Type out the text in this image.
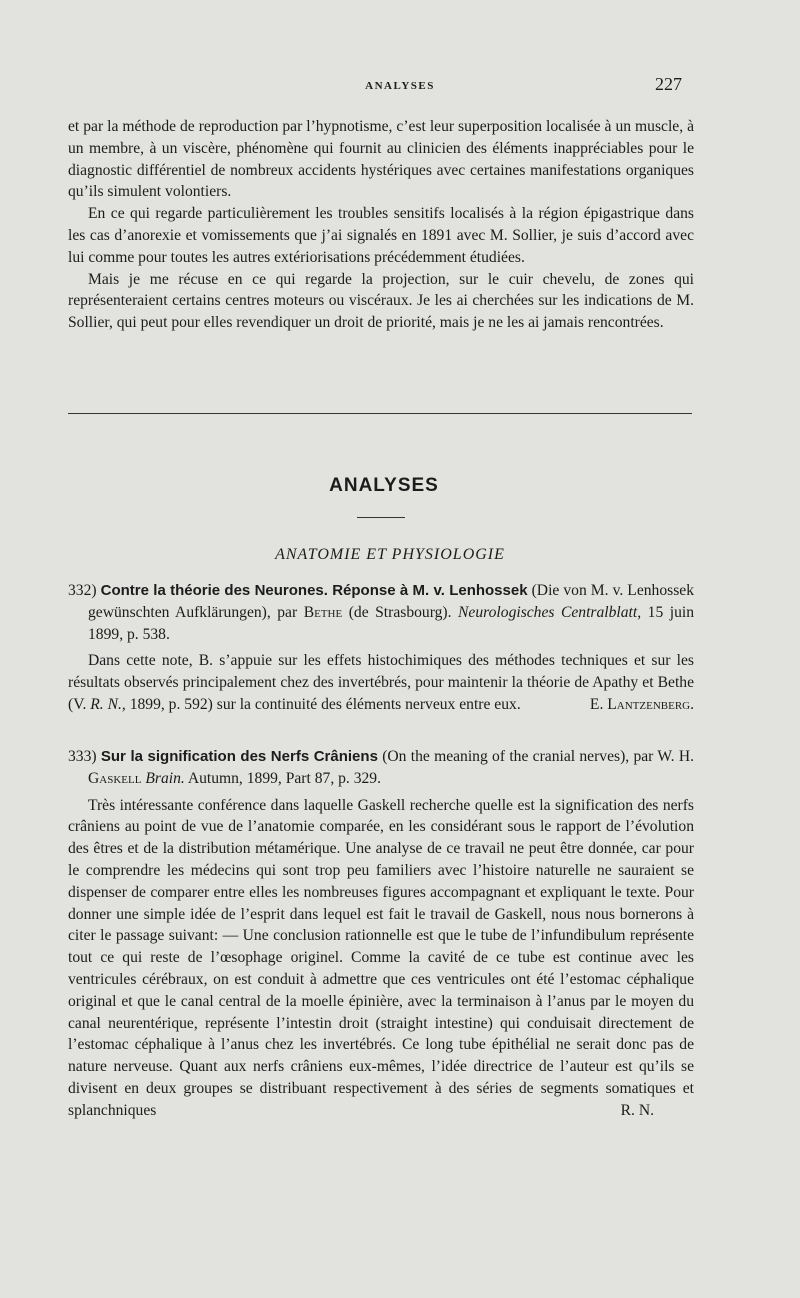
ANALYSES	227

et par la méthode de reproduction par l’hypnotisme, c’est leur superposition localisée à un muscle, à un membre, à un viscère, phénomène qui fournit au clinicien des éléments inappréciables pour le diagnostic différentiel de nombreux accidents hystériques avec certaines manifestations organiques qu’ils simulent volontiers.

En ce qui regarde particulièrement les troubles sensitifs localisés à la région épigastrique dans les cas d’anorexie et vomissements que j’ai signalés en 1891 avec M. Sollier, je suis d’accord avec lui comme pour toutes les autres extériorisations précédemment étudiées.

Mais je me récuse en ce qui regarde la projection, sur le cuir chevelu, de zones qui représenteraient certains centres moteurs ou viscéraux. Je les ai cherchées sur les indications de M. Sollier, qui peut pour elles revendiquer un droit de priorité, mais je ne les ai jamais rencontrées.

ANALYSES
ANATOMIE ET PHYSIOLOGIE

332) Contre la théorie des Neurones. Réponse à M. v. Lenhossek (Die von M. v. Lenhossek gewünschten Aufklärungen), par Bethe (de Strasbourg). Neurologisches Centralblatt, 15 juin 1899, p. 538.

Dans cette note, B. s’appuie sur les effets histochimiques des méthodes techniques et sur les résultats observés principalement chez des invertébrés, pour maintenir la théorie de Apathy et Bethe (V. R. N., 1899, p. 592) sur la continuité des éléments nerveux entre eux.	E. Lantzenberg.

333) Sur la signification des Nerfs Crâniens (On the meaning of the cranial nerves), par W. H. Gaskell Brain. Autumn, 1899, Part 87, p. 329.

Très intéressante conférence dans laquelle Gaskell recherche quelle est la signification des nerfs crâniens au point de vue de l’anatomie comparée, en les considérant sous le rapport de l’évolution des êtres et de la distribution métamérique. Une analyse de ce travail ne peut être donnée, car pour le comprendre les médecins qui sont trop peu familiers avec l’histoire naturelle ne sauraient se dispenser de comparer entre elles les nombreuses figures accompagnant et expliquant le texte. Pour donner une simple idée de l’esprit dans lequel est fait le travail de Gaskell, nous nous bornerons à citer le passage suivant: — Une conclusion rationnelle est que le tube de l’infundibulum représente tout ce qui reste de l’œsophage originel. Comme la cavité de ce tube est continue avec les ventricules cérébraux, on est conduit à admettre que ces ventricules ont été l’estomac céphalique original et que le canal central de la moelle épinière, avec la terminaison à l’anus par le moyen du canal neurentérique, représente l’intestin droit (straight intestine) qui conduisait directement de l’estomac céphalique à l’anus chez les invertébrés. Ce long tube épithélial ne serait donc pas de nature nerveuse. Quant aux nerfs crâniens eux-mêmes, l’idée directrice de l’auteur est qu’ils se divisent en deux groupes se distribuant respectivement à des séries de segments somatiques et splanchniques	R. N.
